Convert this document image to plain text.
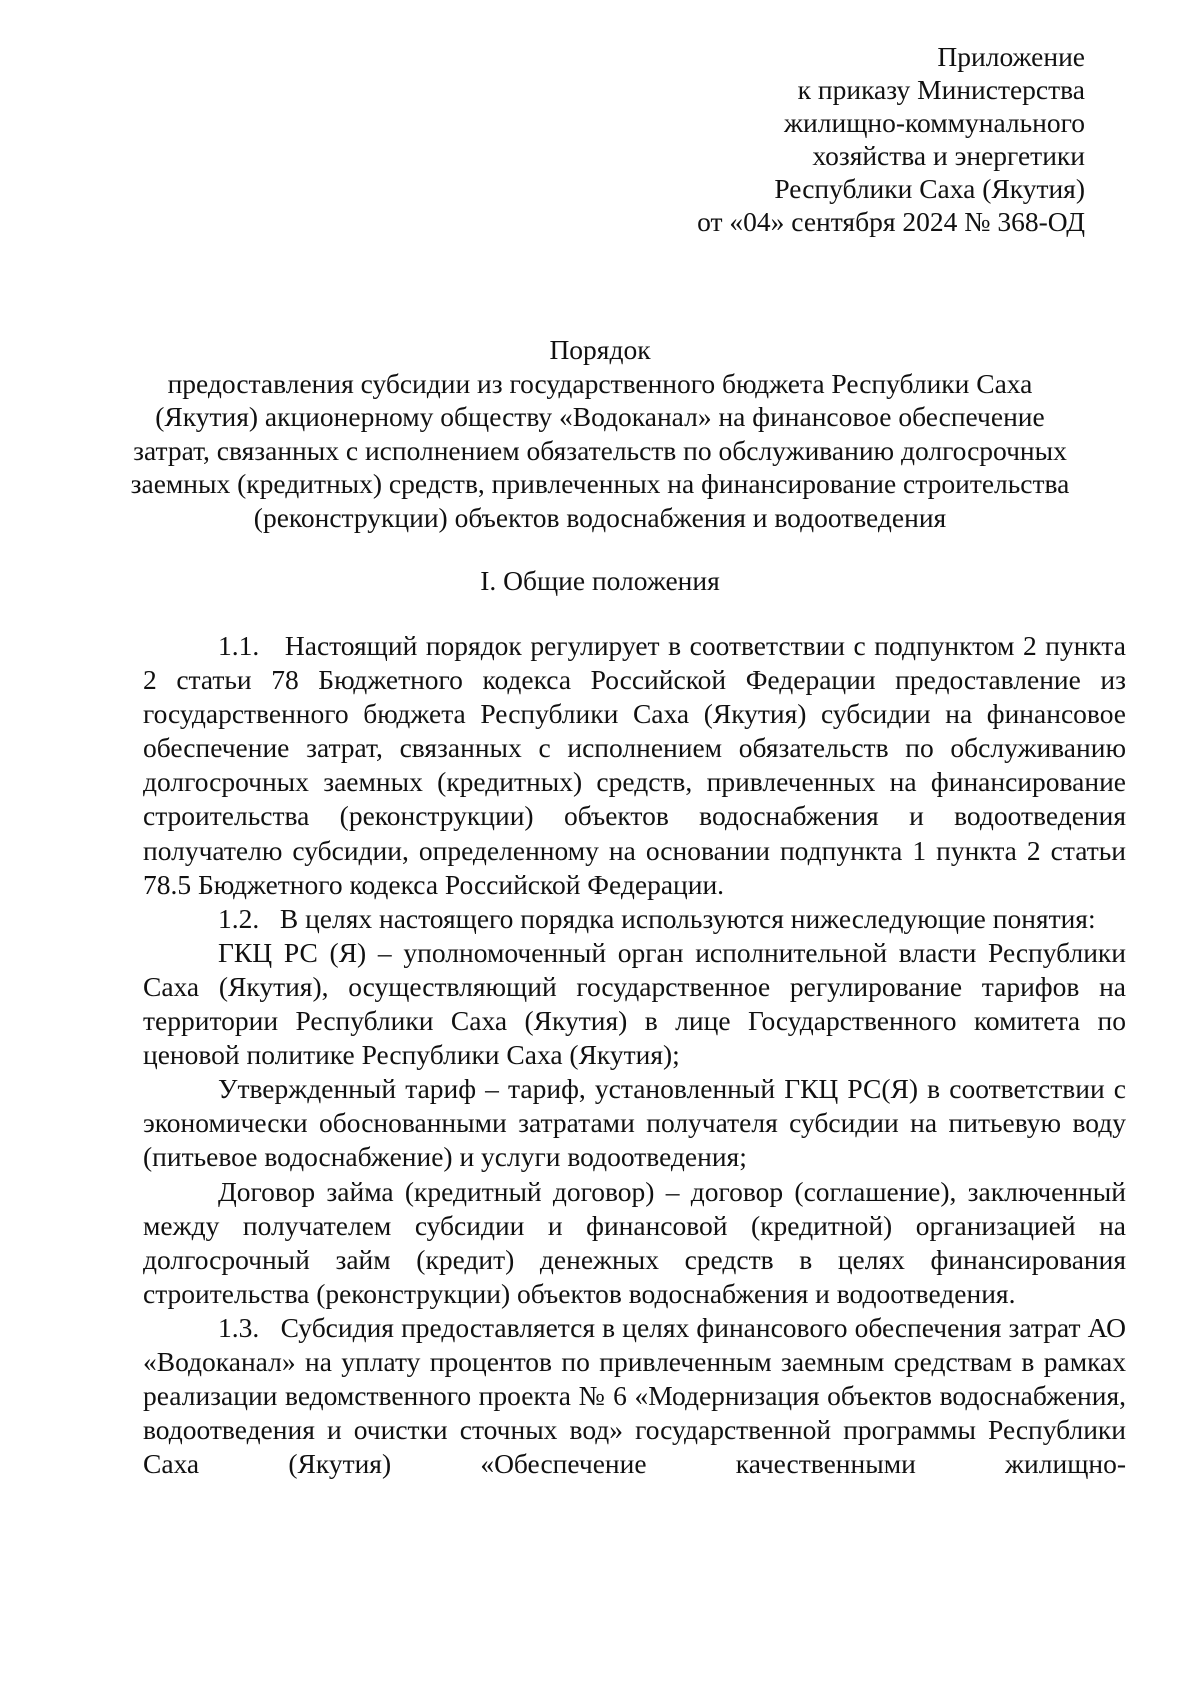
Приложение
к приказу Министерства
жилищно-коммунального
хозяйства и энергетики
Республики Саха (Якутия)
от «04» сентября 2024 № 368-ОД
Порядок
предоставления субсидии из государственного бюджета Республики Саха
(Якутия) акционерному обществу «Водоканал» на финансовое обеспечение
затрат, связанных с исполнением обязательств по обслуживанию долгосрочных
заемных (кредитных) средств, привлеченных на финансирование строительства
(реконструкции) объектов водоснабжения и водоотведения
I. Общие положения

1.1.   Настоящий порядок регулирует в соответствии с подпунктом 2 пункта 2 статьи 78 Бюджетного кодекса Российской Федерации предоставление из государственного бюджета Республики Саха (Якутия) субсидии на финансовое обеспечение затрат, связанных с исполнением обязательств по обслуживанию долгосрочных заемных (кредитных) средств, привлеченных на финансирование строительства (реконструкции) объектов водоснабжения и водоотведения получателю субсидии, определенному на основании подпункта 1 пункта 2 статьи 78.5 Бюджетного кодекса Российской Федерации.

1.2.   В целях настоящего порядка используются нижеследующие понятия:

ГКЦ РС (Я) – уполномоченный орган исполнительной власти Республики Саха (Якутия), осуществляющий государственное регулирование тарифов на территории Республики Саха (Якутия) в лице Государственного комитета по ценовой политике Республики Саха (Якутия);

Утвержденный тариф – тариф, установленный ГКЦ РС(Я) в соответствии с экономически обоснованными затратами получателя субсидии на питьевую воду (питьевое водоснабжение) и услуги водоотведения;

Договор займа (кредитный договор) – договор (соглашение), заключенный между получателем субсидии и финансовой (кредитной) организацией на долгосрочный займ (кредит) денежных средств в целях финансирования строительства (реконструкции) объектов водоснабжения и водоотведения.

1.3.   Субсидия предоставляется в целях финансового обеспечения затрат АО «Водоканал» на уплату процентов по привлеченным заемным средствам в рамках реализации ведомственного проекта № 6 «Модернизация объектов водоснабжения, водоотведения и очистки сточных вод» государственной программы Республики Саха (Якутия) «Обеспечение качественными жилищно-
